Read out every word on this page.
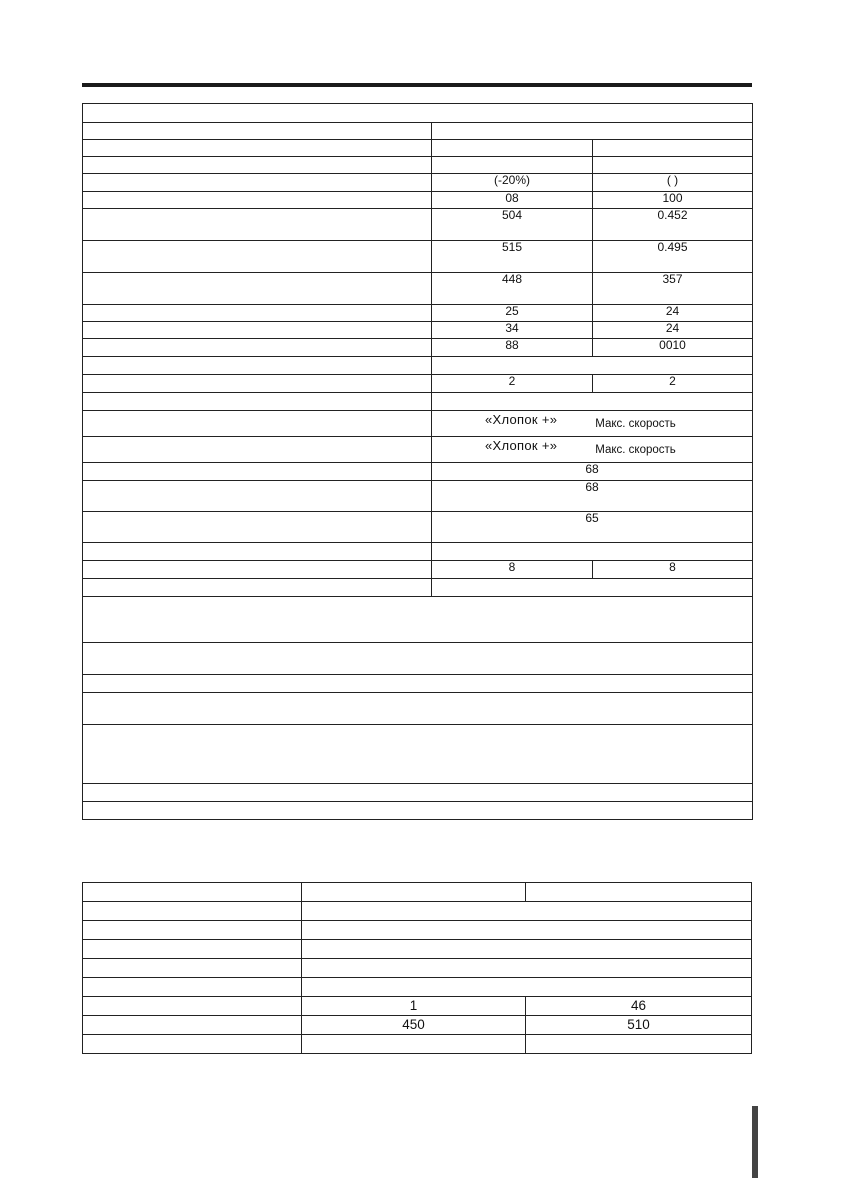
	(-20%)	( )
	08	100
	504	0.452
	515	0.495
	448	357
	25	24
	34	24
	88	0010

	2	2

	«Хлопок +» Макс. скорость	
	«Хлопок +» Макс. скорость	
	68	
	68	
	65	

	8	8

	1	46
	450	510
